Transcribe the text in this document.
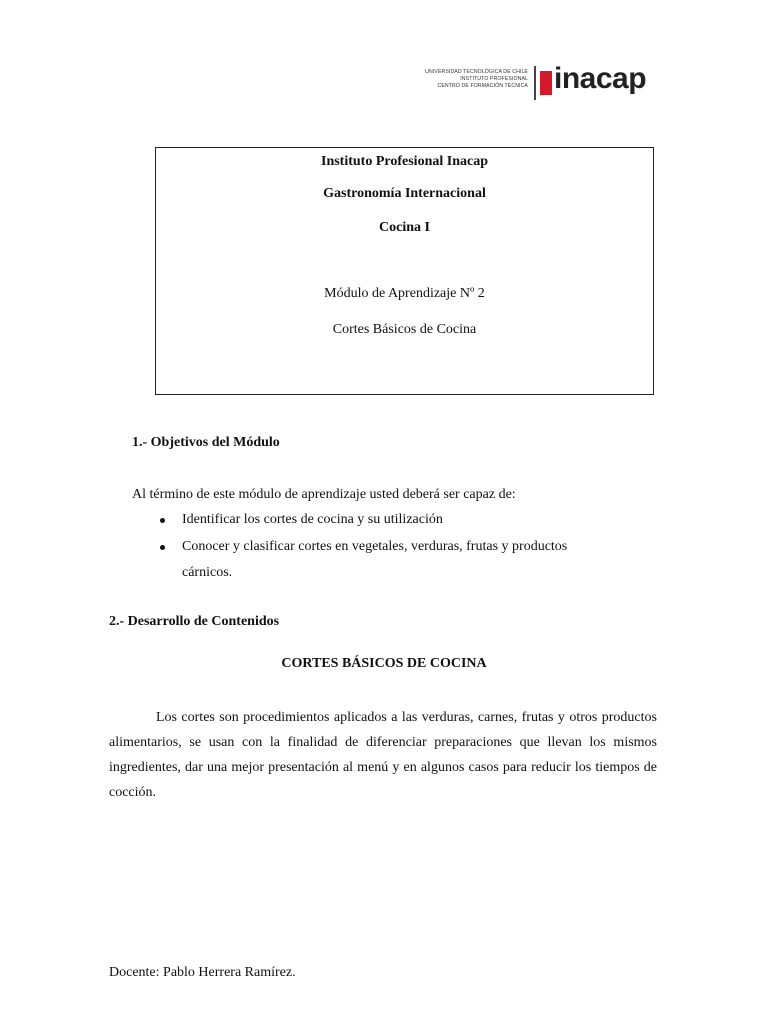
UNIVERSIDAD TECNOLÓGICA DE CHILE
INSTITUTO PROFESIONAL
CENTRO DE FORMACIÓN TÉCNICA inacap
Instituto Profesional Inacap
Gastronomía Internacional
Cocina I
Módulo de Aprendizaje Nº 2
Cortes Básicos de Cocina
1.- Objetivos del Módulo
Al término de este módulo de aprendizaje usted deberá ser capaz de:
Identificar los cortes de cocina y su utilización
Conocer y clasificar cortes en vegetales, verduras, frutas y productos
cárnicos.
2.- Desarrollo de Contenidos
CORTES BÁSICOS DE COCINA
Los cortes son procedimientos aplicados a las verduras, carnes, frutas y otros productos alimentarios, se usan con la finalidad de diferenciar preparaciones que llevan los mismos ingredientes, dar una mejor presentación al menú y en algunos casos para reducir los tiempos de cocción.
Docente: Pablo Herrera Ramírez.
